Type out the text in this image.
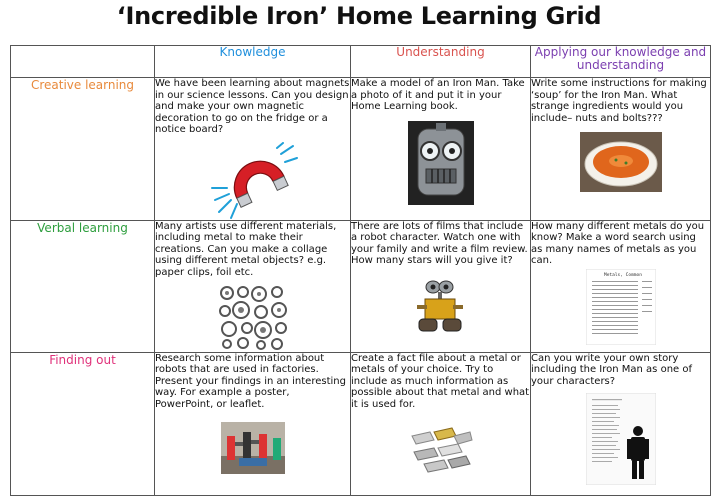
‘Incredible Iron’ Home Learning Grid
	Knowledge	Understanding	Applying our knowledge and understanding
Creative learning	We have been learning about magnets in our science lessons. Can you design and make your own magnetic decoration to go on the fridge or a notice board?	Make a model of an Iron Man. Take a photo of it and put it in your Home Learning book.	Write some instructions for making ‘soup’ for the Iron Man. What strange ingredients would you include– nuts and bolts???

Verbal learning	Many artists use different materials, including metal to make their creations. Can you make a collage using different metal objects? e.g. paper clips, foil etc.	There are lots of films that include a robot character. Watch one with your family and write a film review. How many stars will you give it?	How many different metals do you know? Make a word search using as many names of metals as you can.
Metals, Common

Finding out	Research some information about robots that are used in factories. Present your findings in an interesting way. For example a poster, PowerPoint, or leaflet.	Create a fact file about a metal or metals of your choice. Try to include as much information as possible about that metal and what it is used for.	Can you write your own story including the Iron Man as one of your characters?
